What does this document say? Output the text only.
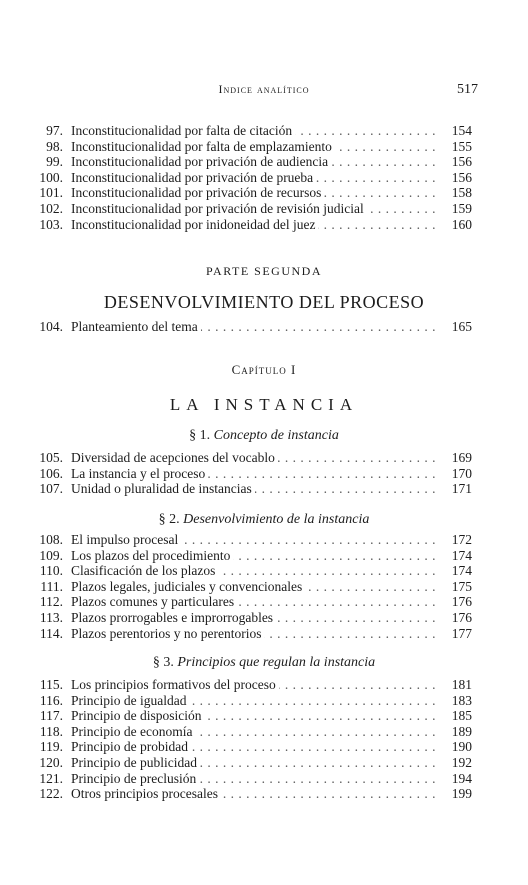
Indice analítico	517
97. . . . Inconstitucionalidad por falta de citación	154
98. . . . Inconstitucionalidad por falta de emplazamiento	155
99. . . . Inconstitucionalidad por privación de audiencia	156
100. . . . Inconstitucionalidad por privación de prueba	156
101. . . . Inconstitucionalidad por privación de recursos	158
102. . . . Inconstitucionalidad por privación de revisión judicial	159
103. . . . Inconstitucionalidad por inidoneidad del juez	160
PARTE SEGUNDA
DESENVOLVIMIENTO DEL PROCESO
104. . . . Planteamiento del tema	165
Capítulo I
LA INSTANCIA
§ 1. Concepto de instancia
105. . . . Diversidad de acepciones del vocablo	169
106. . . . La instancia y el proceso	170
107. . . . Unidad o pluralidad de instancias	171
§ 2. Desenvolvimiento de la instancia
108. . . . El impulso procesal	172
109. . . . Los plazos del procedimiento	174
110. . . . Clasificación de los plazos	174
111. . . . Plazos legales, judiciales y convencionales	175
112. . . . Plazos comunes y particulares	176
113. . . . Plazos prorrogables e improrrogables	176
114. . . . Plazos perentorios y no perentorios	177
§ 3. Principios que regulan la instancia
115. . . . Los principios formativos del proceso	181
116. . . . Principio de igualdad	183
117. . . . Principio de disposición	185
118. . . . Principio de economía	189
119. . . . Principio de probidad	190
120. . . . Principio de publicidad	192
121. . . . Principio de preclusión	194
122. . . . Otros principios procesales	199
